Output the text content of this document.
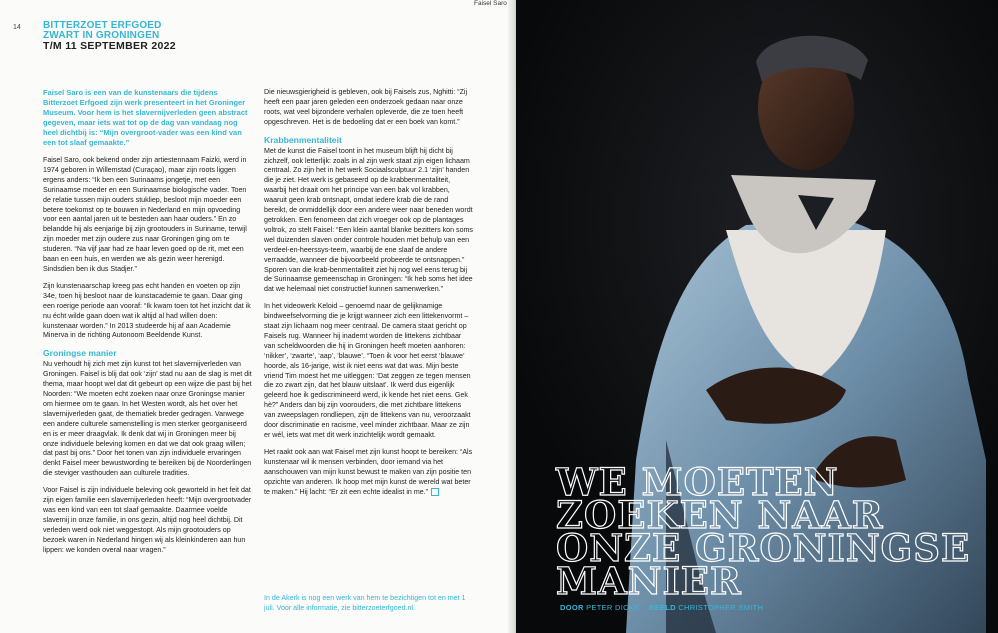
14
Faisel Saro
BITTERZOET ERFGOED
ZWART IN GRONINGEN
T/M 11 SEPTEMBER 2022

Faisel Saro is een van de kunstenaars die tijdens Bitterzoet Erfgoed zijn werk presenteert in het Groninger Museum. Voor hem is het slavernijverleden geen abstract gegeven, maar iets wat tot op de dag van vandaag nog heel dichtbij is: “Mijn overgroot-vader was een kind van een tot slaaf gemaakte.”

Faisel Saro, ook bekend onder zijn artiestennaam Faizki, werd in 1974 geboren in Willemstad (Curaçao), maar zijn roots liggen ergens anders: “Ik ben een Surinaams jongetje, met een Surinaamse moeder en een Surinaamse biologische vader. Toen de relatie tussen mijn ouders stukliep, besloot mijn moeder een betere toekomst op te bouwen in Nederland en mijn opvoeding voor een aantal jaren uit te besteden aan haar ouders.” En zo belandde hij als eenjarige bij zijn grootouders in Suriname, terwijl zijn moeder met zijn oudere zus naar Groningen ging om te studeren. “Na vijf jaar had ze haar leven goed op de rit, met een baan en een huis, en werden we als gezin weer herenigd. Sindsdien ben ik dus Stadjer.”

Zijn kunstenaarschap kreeg pas echt handen en voeten op zijn 34e, toen hij besloot naar de kunstacademie te gaan. Daar ging een roerige periode aan vooraf: “Ik kwam toen tot het inzicht dat ik nu écht wilde gaan doen wat ik altijd al had willen doen: kunstenaar worden.” In 2013 studeerde hij af aan Academie Minerva in de richting Autonoom Beeldende Kunst.

Groningse manier

Nu verhoudt hij zich met zijn kunst tot het slavernijverleden van Groningen. Faisel is blij dat ook ‘zijn’ stad nu aan de slag is met dit thema, maar hoopt wel dat dit gebeurt op een wijze die past bij het Noorden: “We moeten echt zoeken naar onze Groningse manier om hiermee om te gaan. In het Westen wordt, als het over het slavernijverleden gaat, de thematiek breder gedragen. Vanwege een andere culturele samenstelling is men sterker georganiseerd en is er meer draagvlak. Ik denk dat wij in Groningen meer bij onze individuele beleving komen en dat we dat ook graag willen; dat past bij ons.” Door het tonen van zijn individuele ervaringen denkt Faisel meer bewustwording te bereiken bij de Noorderlingen die steviger vasthouden aan culturele tradities.

Voor Faisel is zijn individuele beleving ook geworteld in het feit dat zijn eigen familie een slavernijverleden heeft: “Mijn overgrootvader was een kind van een tot slaaf gemaakte. Daarmee voelde slavernij in onze familie, in ons gezin, altijd nog heel dichtbij. Dit verleden werd ook niet weggestopt. Als mijn grootouders op bezoek waren in Nederland hingen wij als kleinkinderen aan hun lippen: we konden overal naar vragen.”

Die nieuwsgierigheid is gebleven, ook bij Faisels zus, Nghitti: “Zij heeft een paar jaren geleden een onderzoek gedaan naar onze roots, wat veel bijzondere verhalen opleverde, die ze toen heeft opgeschreven. Het is de bedoeling dat er een boek van komt.”

Krabbenmentaliteit

Met de kunst die Faisel toont in het museum blijft hij dicht bij zichzelf, ook letterlijk: zoals in al zijn werk staat zijn eigen lichaam centraal. Zo zijn het in het werk Sociaalsculptuur 2.1 ‘zijn’ handen die je ziet. Het werk is gebaseerd op de krabbenmentaliteit, waarbij het draait om het principe van een bak vol krabben, waaruit geen krab ontsnapt, omdat iedere krab die de rand bereikt, de onmiddellijk door een andere weer naar beneden wordt getrokken. Een fenomeen dat zich vroeger ook op de plantages voltrok, zo stelt Faisel: “Een klein aantal blanke bezitters kon soms wel duizenden slaven onder controle houden met behulp van een verdeel-en-heerssys-teem, waarbij de ene slaaf de andere verraadde, wanneer die bijvoorbeeld probeerde te ontsnappen.” Sporen van die krab-benmentaliteit ziet hij nog wel eens terug bij de Surinaamse gemeenschap in Groningen: “Ik heb soms het idee dat we helemaal niet constructief kunnen samenwerken.”

In het videowerk Keloid – genoemd naar de gelijknamige bindweefselvorming die je krijgt wanneer zich een littekenvormt – staat zijn lichaam nog meer centraal. De camera staat gericht op Faisels rug. Wanneer hij inademt worden de littekens zichtbaar van scheldwoorden die hij in Groningen heeft moeten aanhoren: ‘nikker’, ‘zwarte’, ‘aap’, ‘blauwe’. “Toen ik voor het eerst ‘blauwe’ hoorde, als 16-jarige, wist ik niet eens wat dat was. Mijn beste vriend Tim moest het me uitleggen: ‘Dat zeggen ze tegen mensen die zo zwart zijn, dat het blauw uitslaat’. Ik werd dus eigenlijk geleerd hoe ik gediscrimineerd werd, ik kende het niet eens. Gek hè?” Anders dan bij zijn voorouders, die met zichtbare littekens van zweepslagen rondliepen, zijn de littekens van nu, veroorzaakt door discriminatie en racisme, veel minder zichtbaar. Maar ze zijn er wél, iets wat met dit werk inzichtelijk wordt gemaakt.

Het raakt ook aan wat Faisel met zijn kunst hoopt te bereiken: “Als kunstenaar wil ik mensen verbinden, door iemand via het aanschouwen van mijn kunst bewust te maken van zijn positie ten opzichte van anderen. Ik hoop met mijn kunst de wereld wat beter te maken.” Hij lacht: “Er zit een echte idealist in me.”

In de Akerk is nog een werk van hem te bezichtigen tot en met 1 juli. Voor alle informatie, zie bitterzoeterfgoed.nl.
WE MOETEN
ZOEKEN NAAR
ONZE GRONINGSE
MANIER
DOOR PETER DICKE BEELD CHRISTOPHER SMITH
